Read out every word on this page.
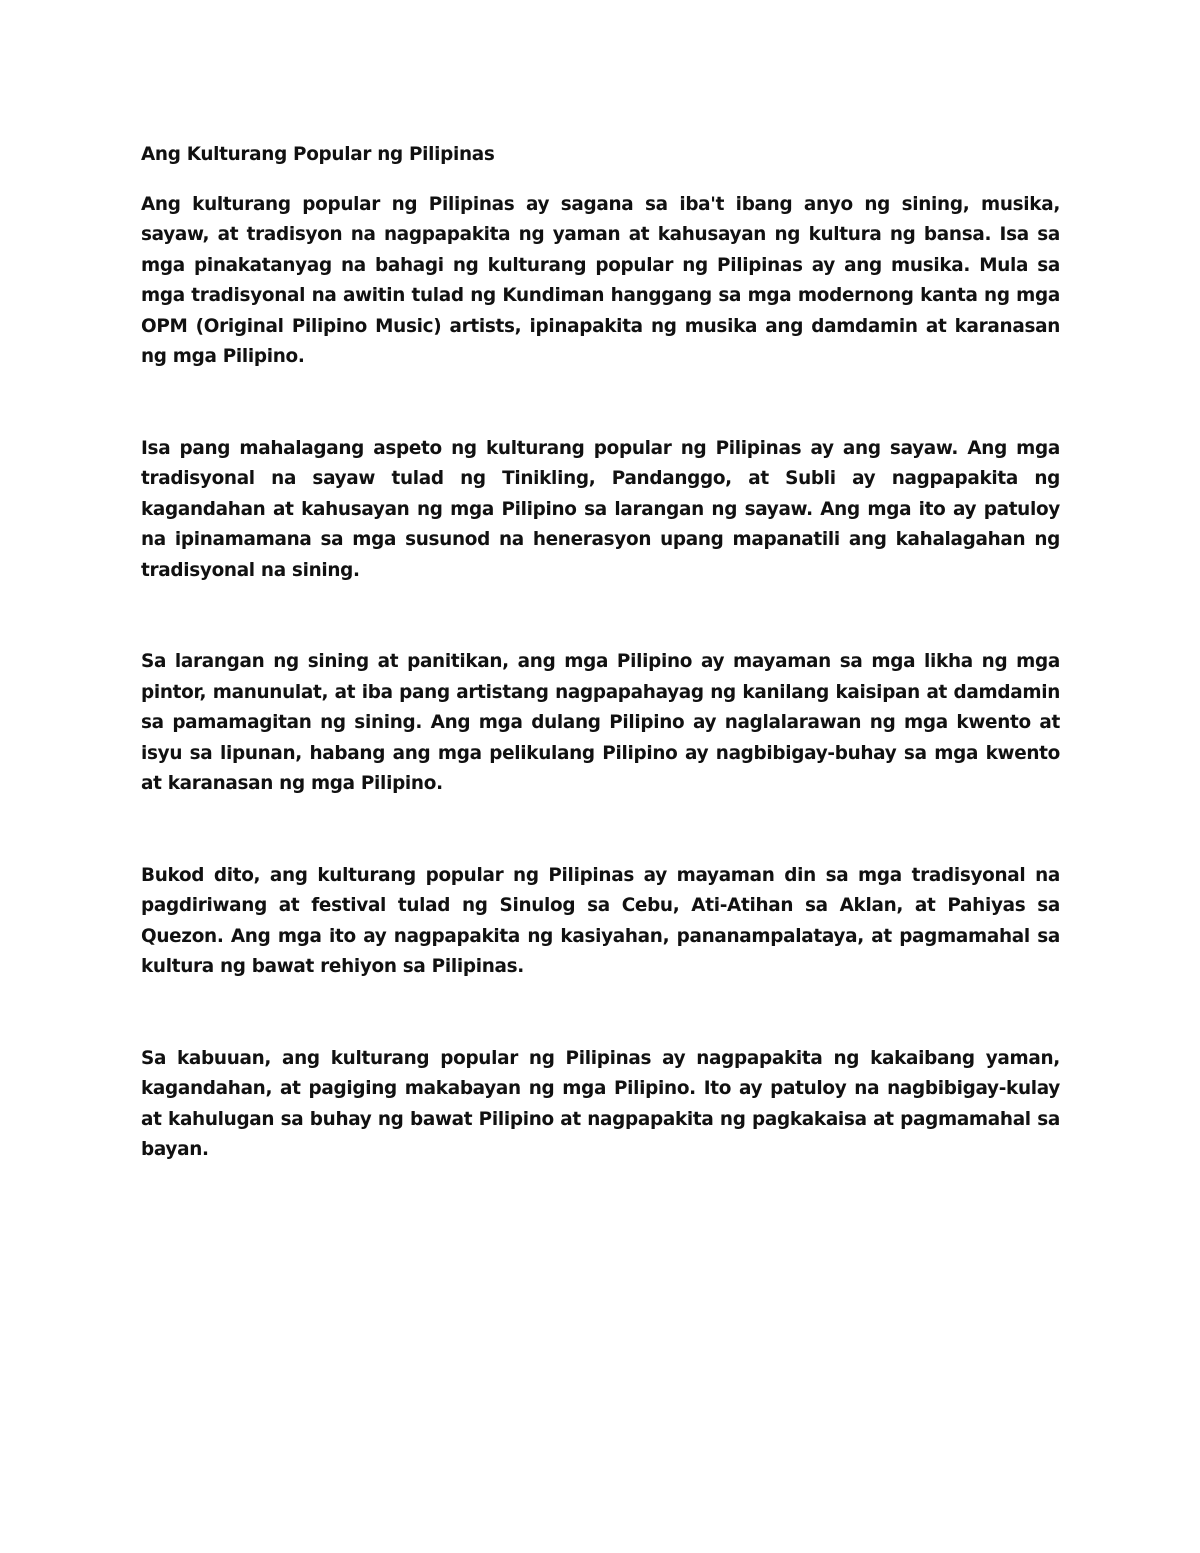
Ang Kulturang Popular ng Pilipinas

Ang kulturang popular ng Pilipinas ay sagana sa iba't ibang anyo ng sining, musika, sayaw, at tradisyon na nagpapakita ng yaman at kahusayan ng kultura ng bansa. Isa sa mga pinakatanyag na bahagi ng kulturang popular ng Pilipinas ay ang musika. Mula sa mga tradisyonal na awitin tulad ng Kundiman hanggang sa mga modernong kanta ng mga OPM (Original Pilipino Music) artists, ipinapakita ng musika ang damdamin at karanasan ng mga Pilipino.

Isa pang mahalagang aspeto ng kulturang popular ng Pilipinas ay ang sayaw. Ang mga tradisyonal na sayaw tulad ng Tinikling, Pandanggo, at Subli ay nagpapakita ng kagandahan at kahusayan ng mga Pilipino sa larangan ng sayaw. Ang mga ito ay patuloy na ipinamamana sa mga susunod na henerasyon upang mapanatili ang kahalagahan ng tradisyonal na sining.

Sa larangan ng sining at panitikan, ang mga Pilipino ay mayaman sa mga likha ng mga pintor, manunulat, at iba pang artistang nagpapahayag ng kanilang kaisipan at damdamin sa pamamagitan ng sining. Ang mga dulang Pilipino ay naglalarawan ng mga kwento at isyu sa lipunan, habang ang mga pelikulang Pilipino ay nagbibigay-buhay sa mga kwento at karanasan ng mga Pilipino.

Bukod dito, ang kulturang popular ng Pilipinas ay mayaman din sa mga tradisyonal na pagdiriwang at festival tulad ng Sinulog sa Cebu, Ati-Atihan sa Aklan, at Pahiyas sa Quezon. Ang mga ito ay nagpapakita ng kasiyahan, pananampalataya, at pagmamahal sa kultura ng bawat rehiyon sa Pilipinas.

Sa kabuuan, ang kulturang popular ng Pilipinas ay nagpapakita ng kakaibang yaman, kagandahan, at pagiging makabayan ng mga Pilipino. Ito ay patuloy na nagbibigay-kulay at kahulugan sa buhay ng bawat Pilipino at nagpapakita ng pagkakaisa at pagmamahal sa bayan.
